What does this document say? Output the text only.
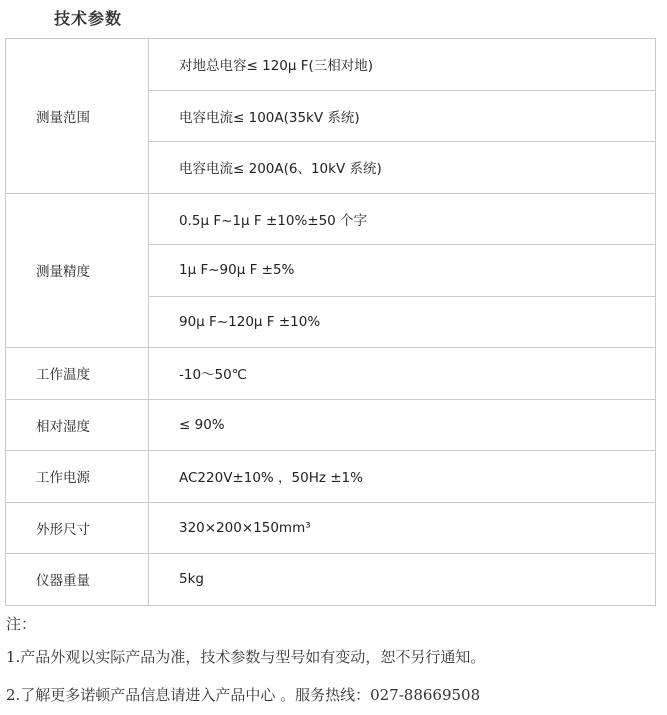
技术参数
测量范围	对地总电容≤ 120μ F(三相对地)
	电容电流≤ 100A(35kV 系统)
	电容电流≤ 200A(6、10kV 系统)
测量精度	0.5μ F~1μ F ±10%±50 个字
	1μ F~90μ F ±5%
	90μ F~120μ F ±10%
工作温度	-10～50℃
相对湿度	≤ 90%
工作电源	AC220V±10% ，50Hz ±1%
外形尺寸	320×200×150mm³
仪器重量	5kg
注：
1.产品外观以实际产品为准，技术参数与型号如有变动，恕不另行通知。
2.了解更多诺顿产品信息请进入产品中心 。服务热线：027-88669508
